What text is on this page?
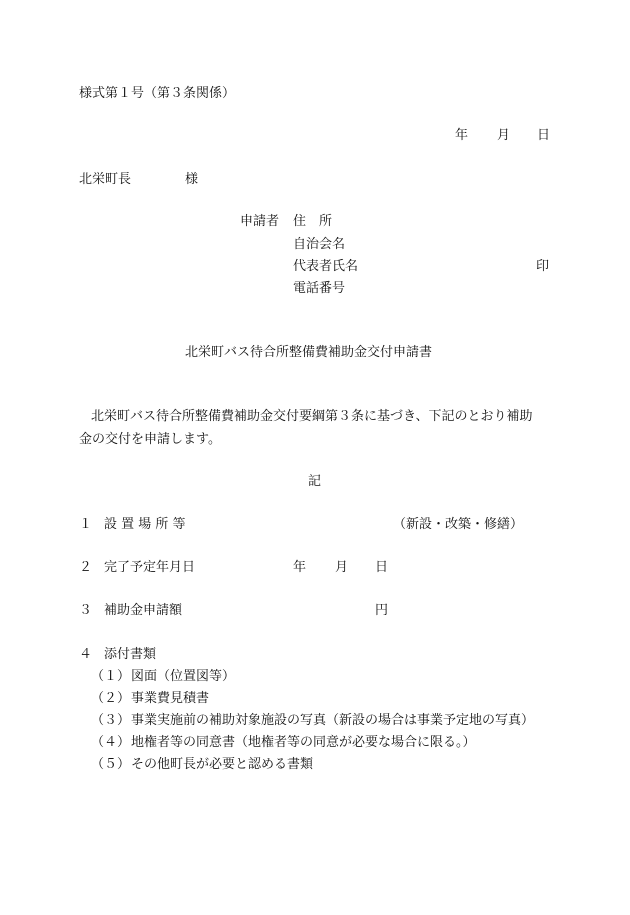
様式第１号（第３条関係）
年 月 日
北栄町長	様
申請者 住　所
自治会名
代表者氏名	印
電話番号
北栄町バス待合所整備費補助金交付申請書
北栄町バス待合所整備費補助金交付要綱第３条に基づき、下記のとおり補助
金の交付を申請します。
記
１ 設 置 場 所 等	（新設・改築・修繕）
２ 完了予定年月日	年 月 日
３ 補助金申請額	円
４ 添付書類
（１） 図面（位置図等）
（２） 事業費見積書
（３） 事業実施前の補助対象施設の写真（新設の場合は事業予定地の写真）
（４） 地権者等の同意書（地権者等の同意が必要な場合に限る。）
（５） その他町長が必要と認める書類
